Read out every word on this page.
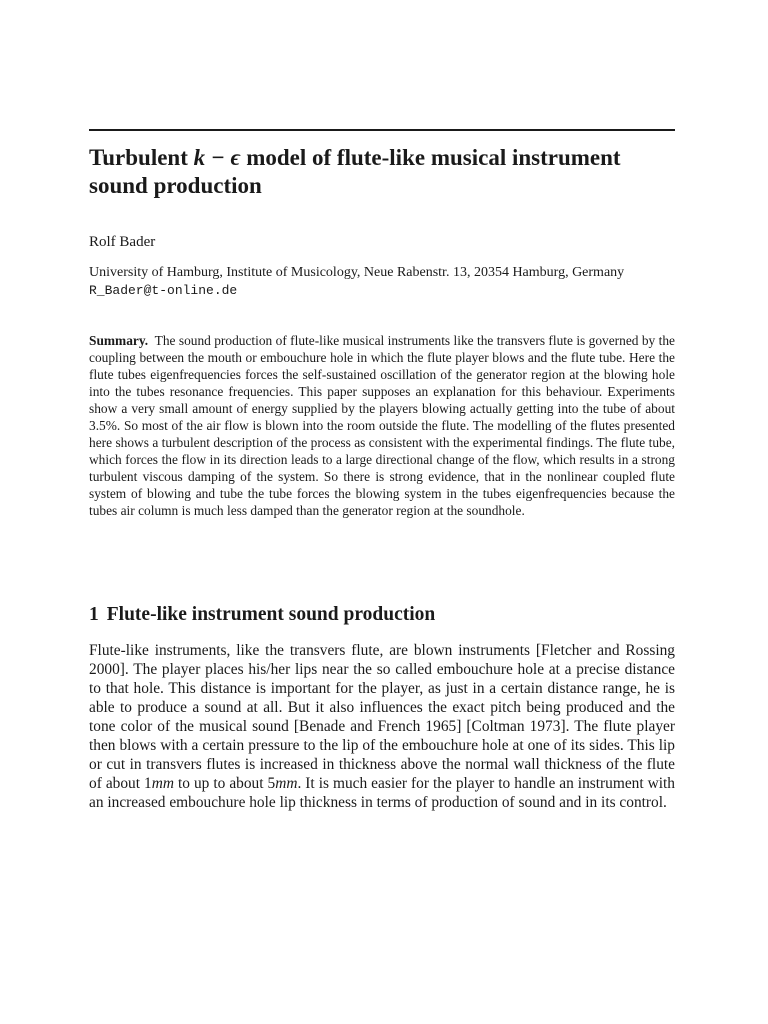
Turbulent k − ϵ model of flute-like musical instrument sound production
Rolf Bader
University of Hamburg, Institute of Musicology, Neue Rabenstr. 13, 20354 Hamburg, Germany R_Bader@t-online.de

Summary. The sound production of flute-like musical instruments like the transvers flute is governed by the coupling between the mouth or embouchure hole in which the flute player blows and the flute tube. Here the flute tubes eigenfrequencies forces the self-sustained oscillation of the generator region at the blowing hole into the tubes resonance frequencies. This paper supposes an explanation for this behaviour. Experiments show a very small amount of energy supplied by the players blowing actually getting into the tube of about 3.5%. So most of the air flow is blown into the room outside the flute. The modelling of the flutes presented here shows a turbulent description of the process as consistent with the experimental findings. The flute tube, which forces the flow in its direction leads to a large directional change of the flow, which results in a strong turbulent viscous damping of the system. So there is strong evidence, that in the nonlinear coupled flute system of blowing and tube the tube forces the blowing system in the tubes eigenfrequencies because the tubes air column is much less damped than the generator region at the soundhole.

1 Flute-like instrument sound production

Flute-like instruments, like the transvers flute, are blown instruments [Fletcher and Rossing 2000]. The player places his/her lips near the so called embouchure hole at a precise distance to that hole. This distance is important for the player, as just in a certain distance range, he is able to produce a sound at all. But it also influences the exact pitch being produced and the tone color of the musical sound [Benade and French 1965] [Coltman 1973]. The flute player then blows with a certain pressure to the lip of the embouchure hole at one of its sides. This lip or cut in transvers flutes is increased in thickness above the normal wall thickness of the flute of about 1mm to up to about 5mm. It is much easier for the player to handle an instrument with an increased embouchure hole lip thickness in terms of production of sound and in its control.
